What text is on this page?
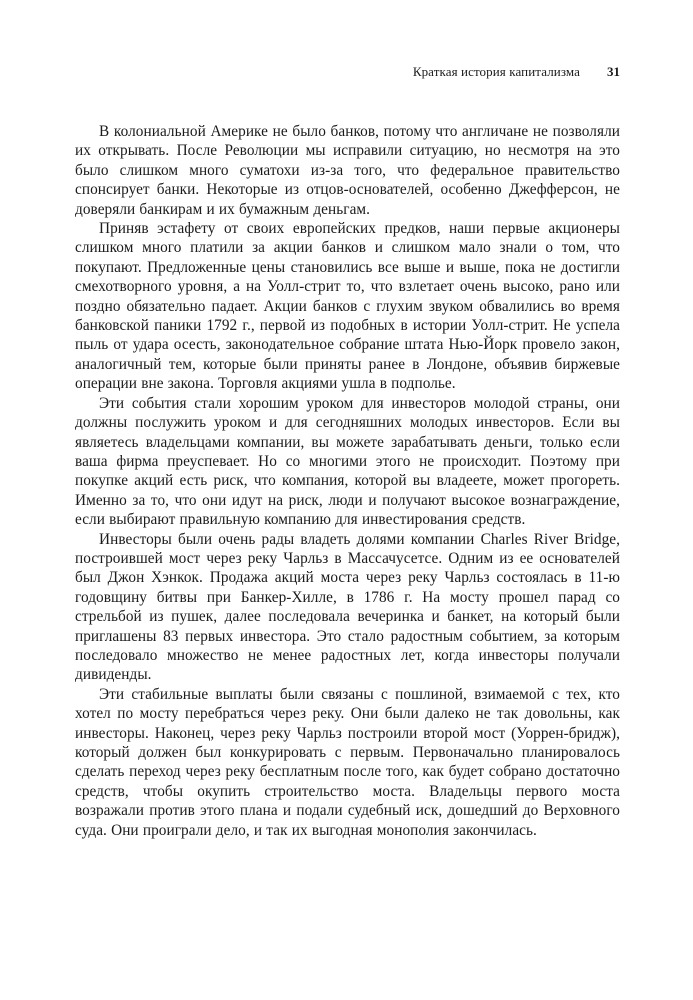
Краткая история капитализма 31

В колониальной Америке не было банков, потому что англичане не позволяли их открывать. После Революции мы исправили ситуацию, но несмотря на это было слишком много суматохи из-за того, что федеральное правительство спонсирует банки. Некоторые из отцов-основателей, особенно Джефферсон, не доверяли банкирам и их бумажным деньгам.

Приняв эстафету от своих европейских предков, наши первые акционеры слишком много платили за акции банков и слишком мало знали о том, что покупают. Предложенные цены становились все выше и выше, пока не достигли смехотворного уровня, а на Уолл-стрит то, что взлетает очень высоко, рано или поздно обязательно падает. Акции банков с глухим звуком обвалились во время банковской паники 1792 г., первой из подобных в истории Уолл-стрит. Не успела пыль от удара осесть, законодательное собрание штата Нью-Йорк провело закон, аналогичный тем, которые были приняты ранее в Лондоне, объявив биржевые операции вне закона. Торговля акциями ушла в подполье.

Эти события стали хорошим уроком для инвесторов молодой страны, они должны послужить уроком и для сегодняшних молодых инвесторов. Если вы являетесь владельцами компании, вы можете зарабатывать деньги, только если ваша фирма преуспевает. Но со многими этого не происходит. Поэтому при покупке акций есть риск, что компания, которой вы владеете, может прогореть. Именно за то, что они идут на риск, люди и получают высокое вознаграждение, если выбирают правильную компанию для инвестирования средств.

Инвесторы были очень рады владеть долями компании Charles River Bridge, построившей мост через реку Чарльз в Массачусетсе. Одним из ее основателей был Джон Хэнкок. Продажа акций моста через реку Чарльз состоялась в 11-ю годовщину битвы при Банкер-Хилле, в 1786 г. На мосту прошел парад со стрельбой из пушек, далее последовала вечеринка и банкет, на который были приглашены 83 первых инвестора. Это стало радостным событием, за которым последовало множество не менее радостных лет, когда инвесторы получали дивиденды.

Эти стабильные выплаты были связаны с пошлиной, взимаемой с тех, кто хотел по мосту перебраться через реку. Они были далеко не так довольны, как инвесторы. Наконец, через реку Чарльз построили второй мост (Уоррен-бридж), который должен был конкурировать с первым. Первоначально планировалось сделать переход через реку бесплатным после того, как будет собрано достаточно средств, чтобы окупить строительство моста. Владельцы первого моста возражали против этого плана и подали судебный иск, дошедший до Верховного суда. Они проиграли дело, и так их выгодная монополия закончилась.
